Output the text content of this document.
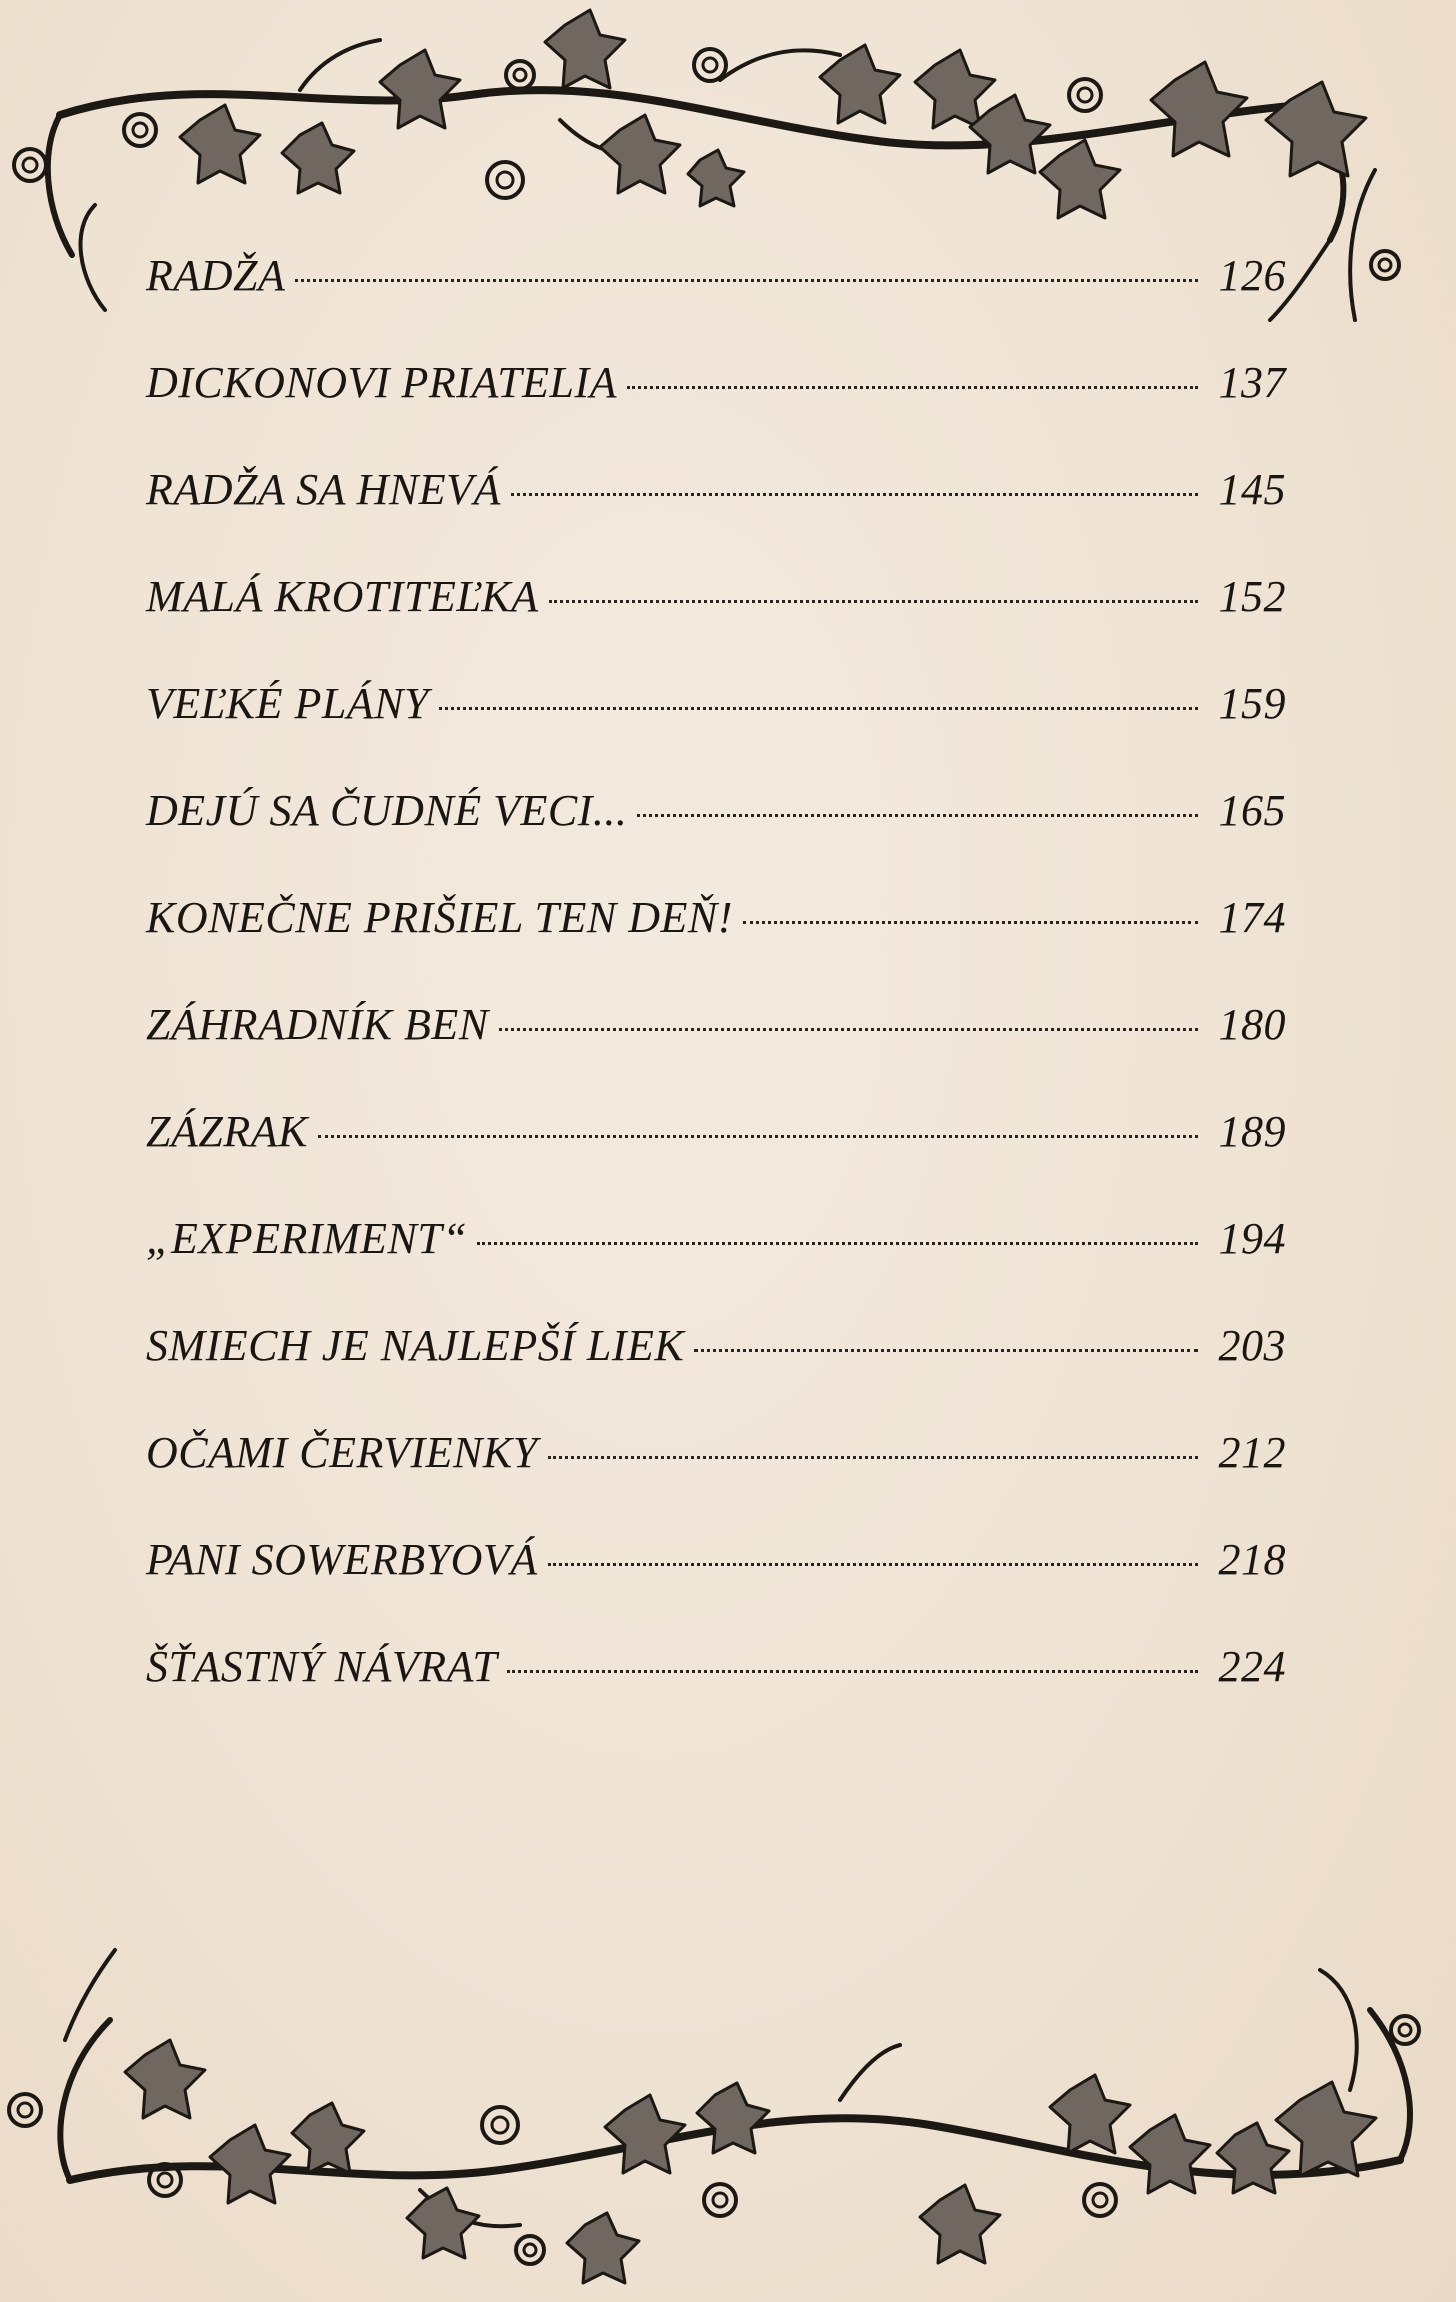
RADŽA	126
DICKONOVI PRIATELIA	137
RADŽA SA HNEVÁ	145
MALÁ KROTITEĽKA	152
VEĽKÉ PLÁNY	159
DEJÚ SA ČUDNÉ VECI...	165
KONEČNE PRIŠIEL TEN DEŇ!	174
ZÁHRADNÍK BEN	180
ZÁZRAK	189
„EXPERIMENT“	194
SMIECH JE NAJLEPŠÍ LIEK	203
OČAMI ČERVIENKY	212
PANI SOWERBYOVÁ	218
ŠŤASTNÝ NÁVRAT	224
